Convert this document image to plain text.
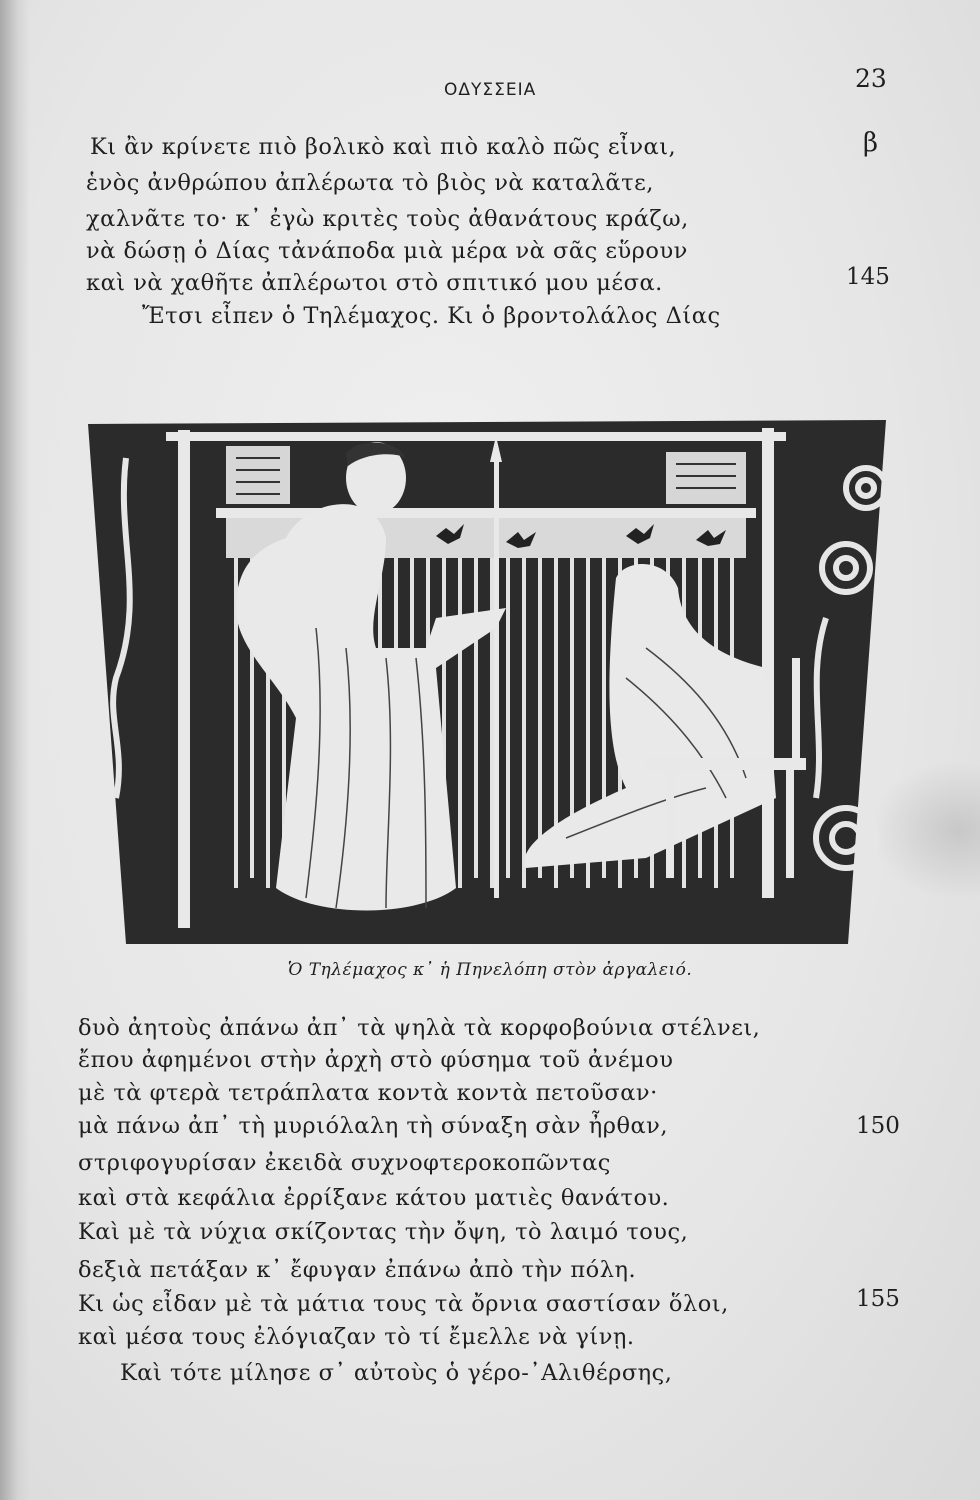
ΟΔΥΣΣΕΙΑ	23
β
Κι ἂν κρίνετε πιὸ βολικὸ καὶ πιὸ καλὸ πῶς εἶναι,
ἑνὸς ἀνθρώπου ἀπλέρωτα τὸ βιὸς νὰ καταλᾶτε,
χαλνᾶτε το· κ᾽ ἐγὼ κριτὲς τοὺς ἀθανάτους κράζω,
νὰ δώσῃ ὁ Δίας τἀνάποδα μιὰ μέρα νὰ σᾶς εὕρουν
καὶ νὰ χαθῆτε ἀπλέρωτοι στὸ σπιτικό μου μέσα.
Ἔτσι εἶπεν ὁ Τηλέμαχος. Κι ὁ βροντολάλος Δίας
145
Ὁ Τηλέμαχος κ᾽ ἡ Πηνελόπη στὸν ἀργαλειό.
δυὸ ἀητοὺς ἀπάνω ἀπ᾽ τὰ ψηλὰ τὰ κορφοβούνια στέλνει,
ἔπου ἀφημένοι στὴν ἀρχὴ στὸ φύσημα τοῦ ἀνέμου
μὲ τὰ φτερὰ τετράπλατα κοντὰ κοντὰ πετοῦσαν·
μὰ πάνω ἀπ᾽ τὴ μυριόλαλη τὴ σύναξη σὰν ἦρθαν,
στριφογυρίσαν ἐκειδὰ συχνοφτεροκοπῶντας
καὶ στὰ κεφάλια ἐρρίξανε κάτου ματιὲς θανάτου.
Καὶ μὲ τὰ νύχια σκίζοντας τὴν ὄψη, τὸ λαιμό τους,
δεξιὰ πετάξαν κ᾽ ἔφυγαν ἐπάνω ἀπὸ τὴν πόλη.
Κι ὡς εἶδαν μὲ τὰ μάτια τους τὰ ὄρνια σαστίσαν ὅλοι,
καὶ μέσα τους ἐλόγιαζαν τὸ τί ἔμελλε νὰ γίνῃ.
Καὶ τότε μίλησε σ᾽ αὐτοὺς ὁ γέρο-᾽Αλιθέρσης,
150
155
